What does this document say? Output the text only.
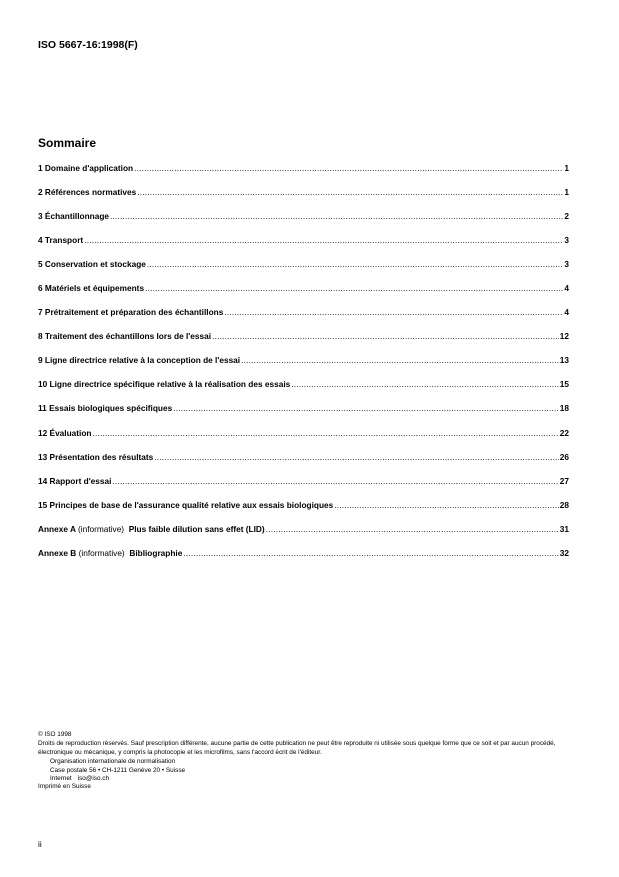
ISO 5667-16:1998(F)
Sommaire
1 Domaine d'application .....	1
2 Références normatives .....	1
3 Échantillonnage .....	2
4 Transport .....	3
5 Conservation et stockage .....	3
6 Matériels et équipements .....	4
7 Prétraitement et préparation des échantillons .....	4
8 Traitement des échantillons lors de l'essai .....	12
9 Ligne directrice relative à la conception de l'essai .....	13
10 Ligne directrice spécifique relative à la réalisation des essais .....	15
11 Essais biologiques spécifiques .....	18
12 Évaluation .....	22
13 Présentation des résultats .....	26
14 Rapport d'essai .....	27
15 Principes de base de l'assurance qualité relative aux essais biologiques .....	28
Annexe A (informative) Plus faible dilution sans effet (LID) .....	31
Annexe B (informative) Bibliographie .....	32

© ISO 1998

Droits de reproduction réservés. Sauf prescription différente, aucune partie de cette publication ne peut être reproduite ni utilisée sous quelque forme que ce soit et par aucun procédé, électronique ou mécanique, y compris la photocopie et les microfilms, sans l'accord écrit de l'éditeur.

Organisation internationale de normalisation

Case postale 56 • CH-1211 Genève 20 • Suisse

Internet iso@iso.ch

Imprimé en Suisse

ii
